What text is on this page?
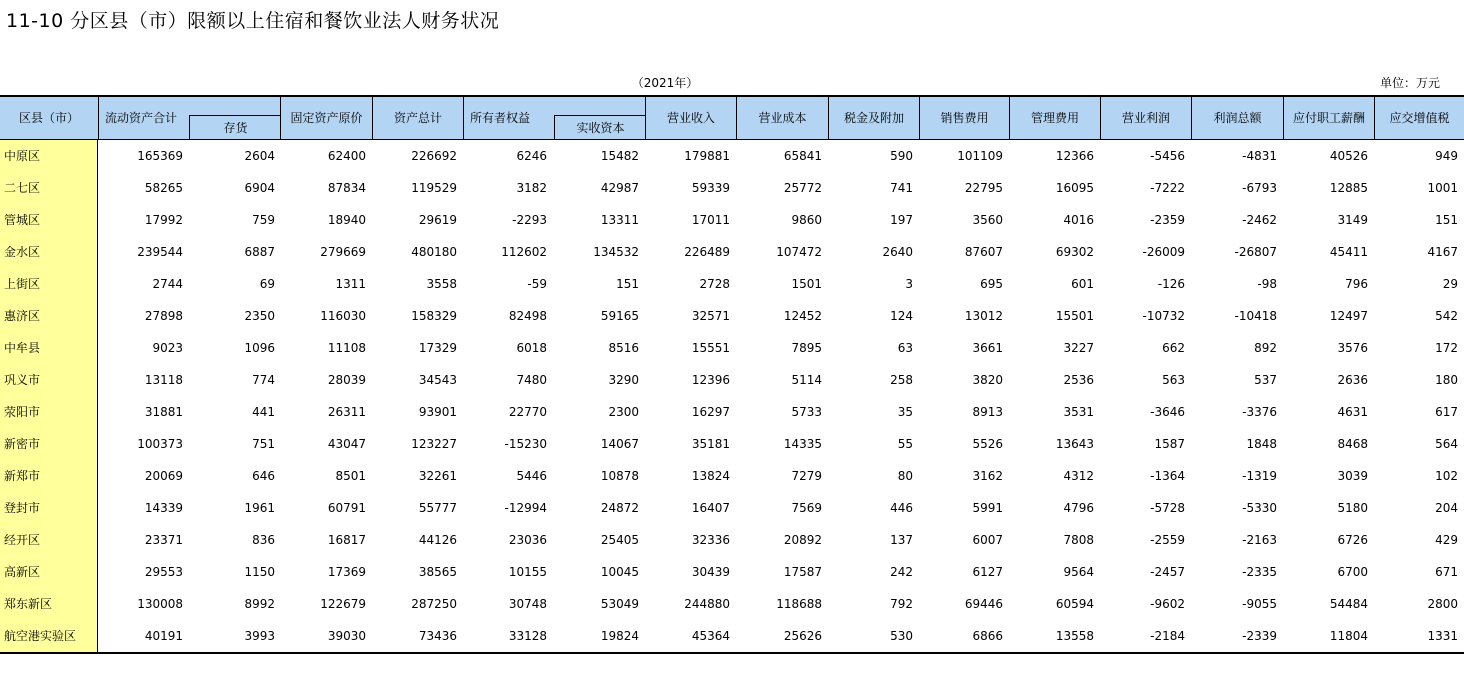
11-10 分区县（市）限额以上住宿和餐饮业法人财务状况
（2021年）	单位：万元
区县（市）	流动资产合计
存货
固定资产原价	资产总计	所有者权益
实收资本
营业收入	营业成本	税金及附加	销售费用	管理费用	营业利润	利润总额	应付职工薪酬	应交增值税
中原区	165369	2604	62400	226692	6246	15482	179881	65841	590	101109	12366	-5456	-4831	40526	949
二七区	58265	6904	87834	119529	3182	42987	59339	25772	741	22795	16095	-7222	-6793	12885	1001
管城区	17992	759	18940	29619	-2293	13311	17011	9860	197	3560	4016	-2359	-2462	3149	151
金水区	239544	6887	279669	480180	112602	134532	226489	107472	2640	87607	69302	-26009	-26807	45411	4167
上街区	2744	69	1311	3558	-59	151	2728	1501	3	695	601	-126	-98	796	29
惠济区	27898	2350	116030	158329	82498	59165	32571	12452	124	13012	15501	-10732	-10418	12497	542
中牟县	9023	1096	11108	17329	6018	8516	15551	7895	63	3661	3227	662	892	3576	172
巩义市	13118	774	28039	34543	7480	3290	12396	5114	258	3820	2536	563	537	2636	180
荥阳市	31881	441	26311	93901	22770	2300	16297	5733	35	8913	3531	-3646	-3376	4631	617
新密市	100373	751	43047	123227	-15230	14067	35181	14335	55	5526	13643	1587	1848	8468	564
新郑市	20069	646	8501	32261	5446	10878	13824	7279	80	3162	4312	-1364	-1319	3039	102
登封市	14339	1961	60791	55777	-12994	24872	16407	7569	446	5991	4796	-5728	-5330	5180	204
经开区	23371	836	16817	44126	23036	25405	32336	20892	137	6007	7808	-2559	-2163	6726	429
高新区	29553	1150	17369	38565	10155	10045	30439	17587	242	6127	9564	-2457	-2335	6700	671
郑东新区	130008	8992	122679	287250	30748	53049	244880	118688	792	69446	60594	-9602	-9055	54484	2800
航空港实验区	40191	3993	39030	73436	33128	19824	45364	25626	530	6866	13558	-2184	-2339	11804	1331
